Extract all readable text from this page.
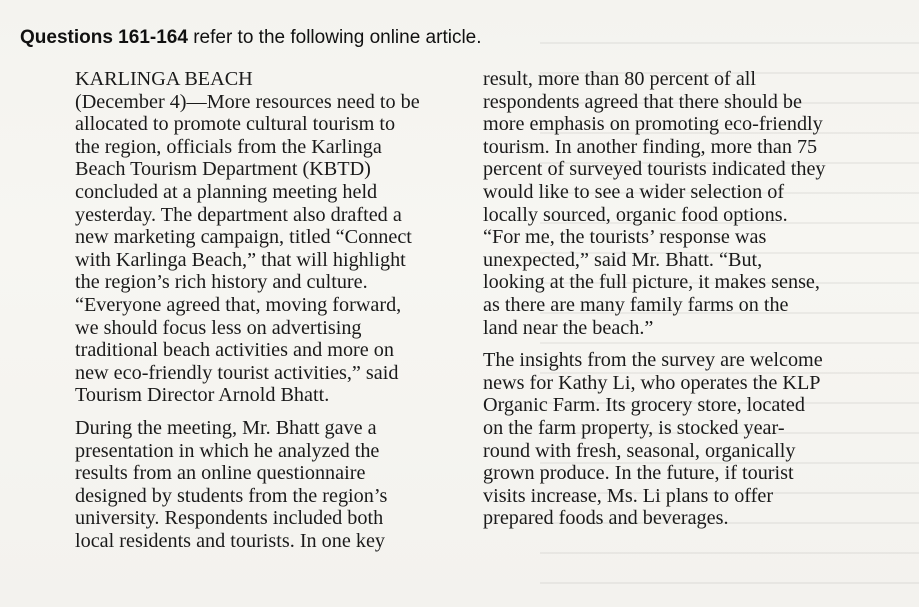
Questions 161-164 refer to the following online article.

KARLINGA BEACH
(December 4)—More resources need to be
allocated to promote cultural tourism to
the region, officials from the Karlinga
Beach Tourism Department (KBTD)
concluded at a planning meeting held
yesterday. The department also drafted a
new marketing campaign, titled “Connect
with Karlinga Beach,” that will highlight
the region’s rich history and culture.
“Everyone agreed that, moving forward,
we should focus less on advertising
traditional beach activities and more on
new eco-friendly tourist activities,” said
Tourism Director Arnold Bhatt.

During the meeting, Mr. Bhatt gave a
presentation in which he analyzed the
results from an online questionnaire
designed by students from the region’s
university. Respondents included both
local residents and tourists. In one key

result, more than 80 percent of all
respondents agreed that there should be
more emphasis on promoting eco-friendly
tourism. In another finding, more than 75
percent of surveyed tourists indicated they
would like to see a wider selection of
locally sourced, organic food options.
“For me, the tourists’ response was
unexpected,” said Mr. Bhatt. “But,
looking at the full picture, it makes sense,
as there are many family farms on the
land near the beach.”

The insights from the survey are welcome
news for Kathy Li, who operates the KLP
Organic Farm. Its grocery store, located
on the farm property, is stocked year-
round with fresh, seasonal, organically
grown produce. In the future, if tourist
visits increase, Ms. Li plans to offer
prepared foods and beverages.
